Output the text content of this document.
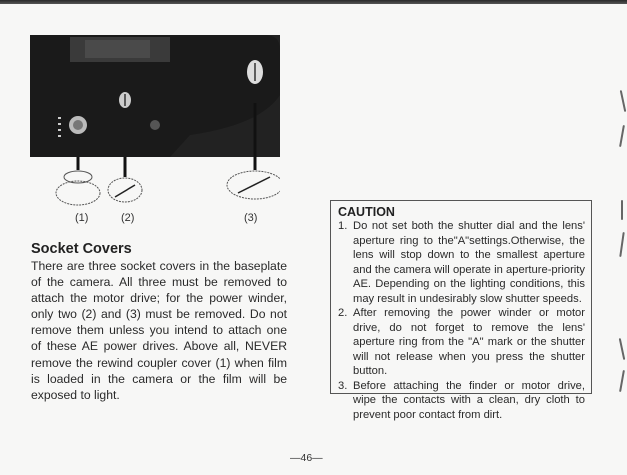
(1)	(2)	(3)
Socket Covers
There are three socket covers in the baseplate of the camera. All three must be removed to attach the motor drive; for the power winder, only two (2) and (3) must be removed. Do not remove them unless you intend to attach one of these AE power drives. Above all, NEVER remove the rewind coupler cover (1) when film is loaded in the camera or the film will be exposed to light.
CAUTION
1. Do not set both the shutter dial and the lens' aperture ring to the"A"settings.Otherwise, the lens will stop down to the smallest aperture and the camera will operate in aperture-priority AE. Depending on the lighting conditions, this may result in undesirably slow shutter speeds.
2. After removing the power winder or motor drive, do not forget to remove the lens' aperture ring from the "A" mark or the shutter will not release when you press the shutter button.
3. Before attaching the finder or motor drive, wipe the contacts with a clean, dry cloth to prevent poor contact from dirt.
—46—
